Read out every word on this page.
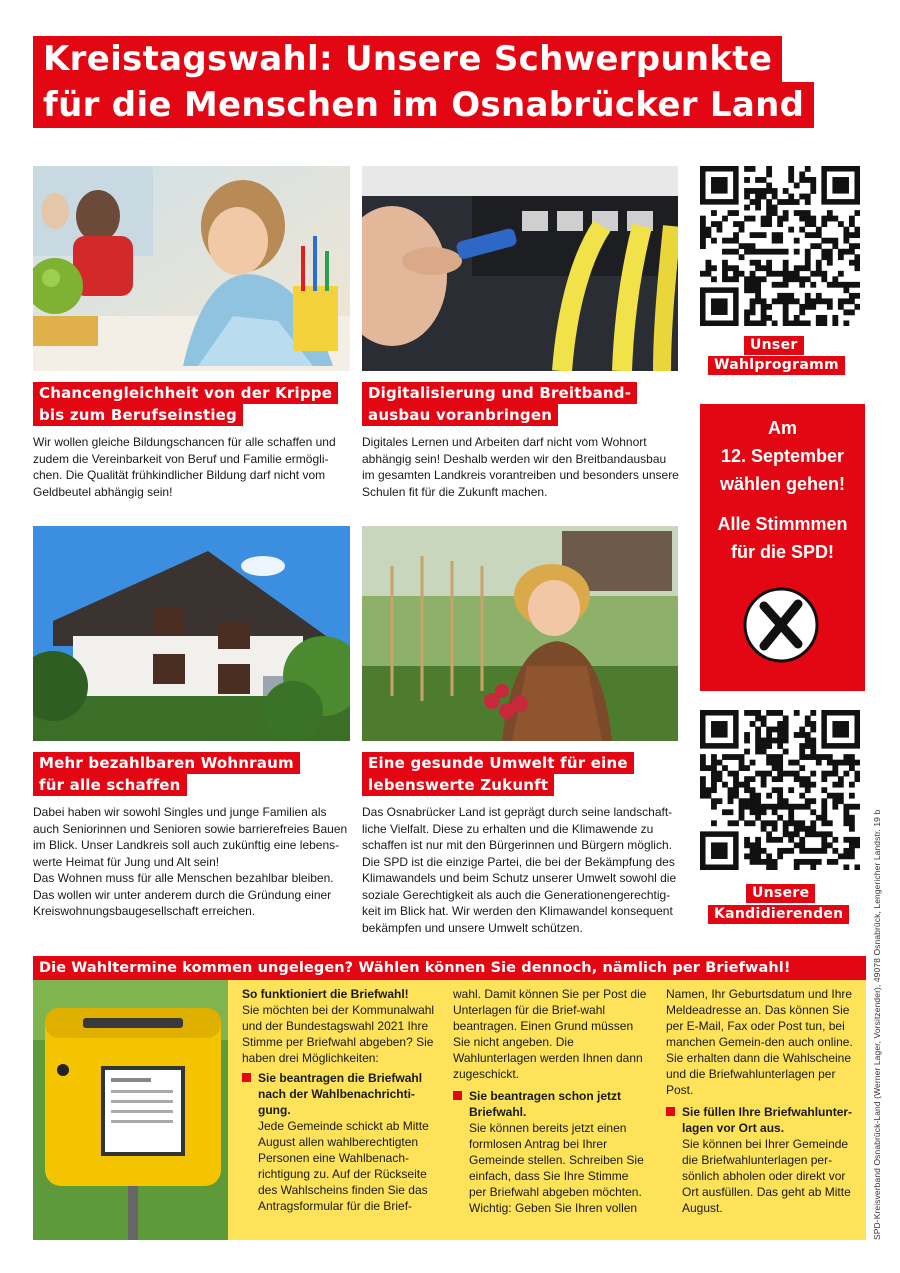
Kreistagswahl: Unsere Schwerpunkte
für die Menschen im Osnabrücker Land
Unser
Wahlprogramm
Chancengleichheit von der Krippe
bis zum Berufseinstieg
Digitalisierung und Breitband-
ausbau voranbringen
Wir wollen gleiche Bildungschancen für alle schaffen und zudem die Vereinbarkeit von Beruf und Familie ermögli-chen. Die Qualität frühkindlicher Bildung darf nicht vom Geldbeutel abhängig sein!
Digitales Lernen und Arbeiten darf nicht vom Wohnort abhängig sein! Deshalb werden wir den Breitbandausbau im gesamten Landkreis vorantreiben und besonders unsere Schulen fit für die Zukunft machen.

Am

12. September

wählen gehen!

Alle Stimmmen

für die SPD!

Unsere
Kandidierenden
Mehr bezahlbaren Wohnraum
für alle schaffen
Eine gesunde Umwelt für eine
lebenswerte Zukunft
Dabei haben wir sowohl Singles und junge Familien als auch Seniorinnen und Senioren sowie barrierefreies Bauen im Blick. Unser Landkreis soll auch zukünftig eine lebens-werte Heimat für Jung und Alt sein!
Das Wohnen muss für alle Menschen bezahlbar bleiben. Das wollen wir unter anderem durch die Gründung einer Kreiswohnungsbaugesellschaft erreichen.
Das Osnabrücker Land ist geprägt durch seine landschaft-liche Vielfalt. Diese zu erhalten und die Klimawende zu schaffen ist nur mit den Bürgerinnen und Bürgern möglich. Die SPD ist die einzige Partei, die bei der Bekämpfung des Klimawandels und beim Schutz unserer Umwelt sowohl die soziale Gerechtigkeit als auch die Generationengerechtig-keit im Blick hat. Wir werden den Klimawandel konsequent bekämpfen und unsere Umwelt schützen.
Die Wahltermine kommen ungelegen? Wählen können Sie dennoch, nämlich per Briefwahl!
So funktioniert die Briefwahl!
Sie möchten bei der Kommunalwahl und der Bundestagswahl 2021 Ihre Stimme per Briefwahl abgeben? Sie haben drei Möglichkeiten:
Sie beantragen die Briefwahl nach der Wahlbenachrichti-gung.
Jede Gemeinde schickt ab Mitte August allen wahlberechtigten Personen eine Wahlbenach-richtigung zu. Auf der Rückseite des Wahlscheins finden Sie das Antragsformular für die Brief-
wahl. Damit können Sie per Post die Unterlagen für die Brief-wahl beantragen. Einen Grund müssen Sie nicht angeben. Die Wahlunterlagen werden Ihnen dann zugeschickt.
Sie beantragen schon jetzt Briefwahl.
Sie können bereits jetzt einen formlosen Antrag bei Ihrer Gemeinde stellen. Schreiben Sie einfach, dass Sie Ihre Stimme per Briefwahl abgeben möchten. Wichtig: Geben Sie Ihren vollen
Namen, Ihr Geburtsdatum und Ihre Meldeadresse an. Das können Sie per E-Mail, Fax oder Post tun, bei manchen Gemein-den auch online. Sie erhalten dann die Wahlscheine und die Briefwahlunterlagen per Post.
Sie füllen Ihre Briefwahlunter-lagen vor Ort aus.
Sie können bei Ihrer Gemeinde die Briefwahlunterlagen per-sönlich abholen oder direkt vor Ort ausfüllen. Das geht ab Mitte August.	SPD-Kreisverband Osnabrück-Land (Werner Lager, Vorsitzender), 49078 Osnabrück, Lengericher Landstr. 19 b
